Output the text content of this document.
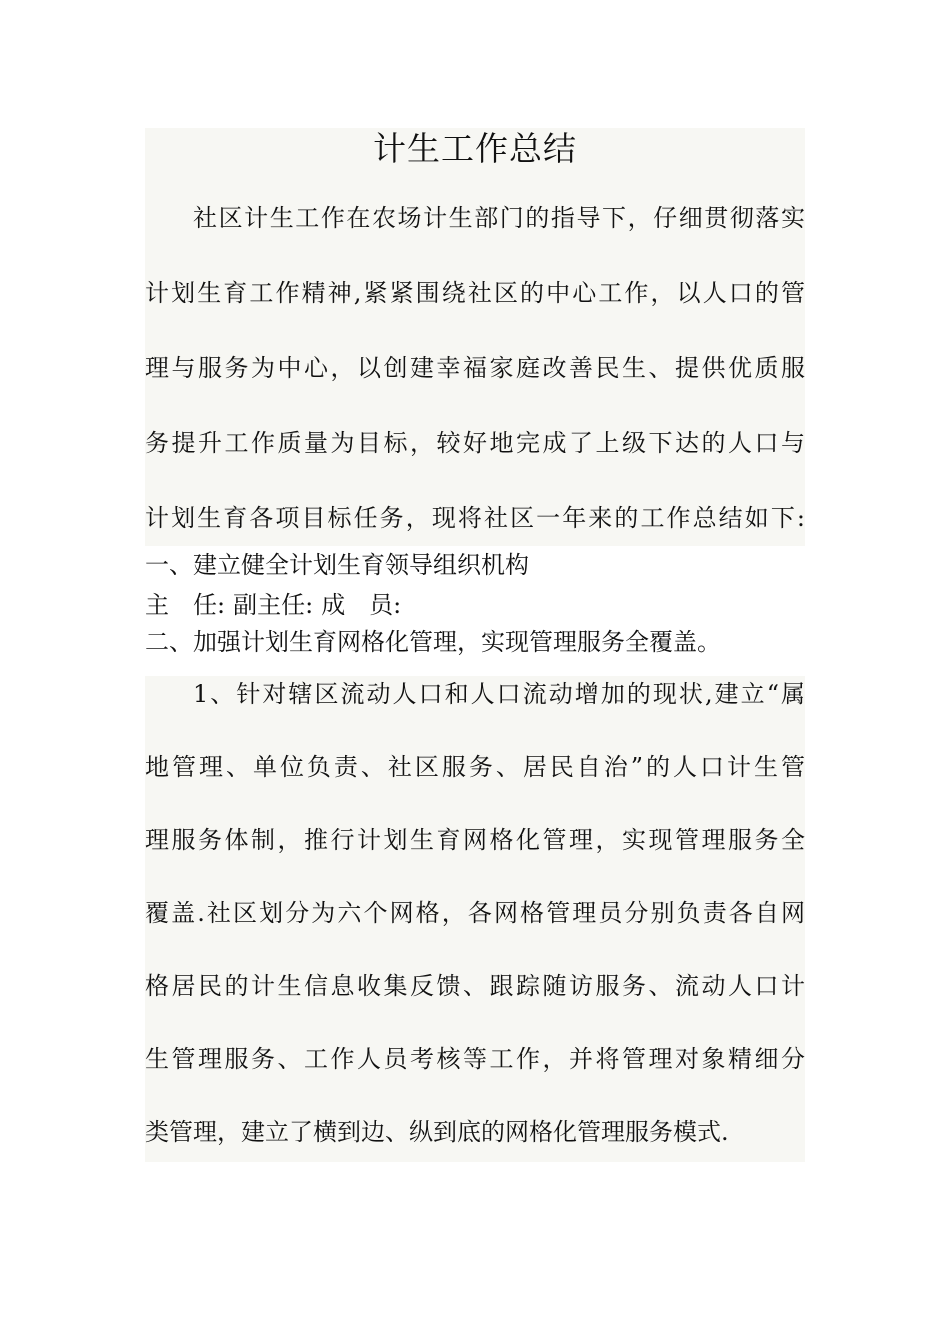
计生工作总结
社区计生工作在农场计生部门的指导下，仔细贯彻落实
计划生育工作精神,紧紧围绕社区的中心工作，以人口的管
理与服务为中心，以创建幸福家庭改善民生、提供优质服
务提升工作质量为目标，较好地完成了上级下达的人口与
计划生育各项目标任务，现将社区一年来的工作总结如下:
一、建立健全计划生育领导组织机构
主　任: 副主任: 成　员:
二、加强计划生育网格化管理，实现管理服务全覆盖。
1、针对辖区流动人口和人口流动增加的现状,建立“属
地管理、单位负责、社区服务、居民自治”的人口计生管
理服务体制，推行计划生育网格化管理，实现管理服务全
覆盖.社区划分为六个网格，各网格管理员分别负责各自网
格居民的计生信息收集反馈、跟踪随访服务、流动人口计
生管理服务、工作人员考核等工作，并将管理对象精细分
类管理，建立了横到边、纵到底的网格化管理服务模式.
